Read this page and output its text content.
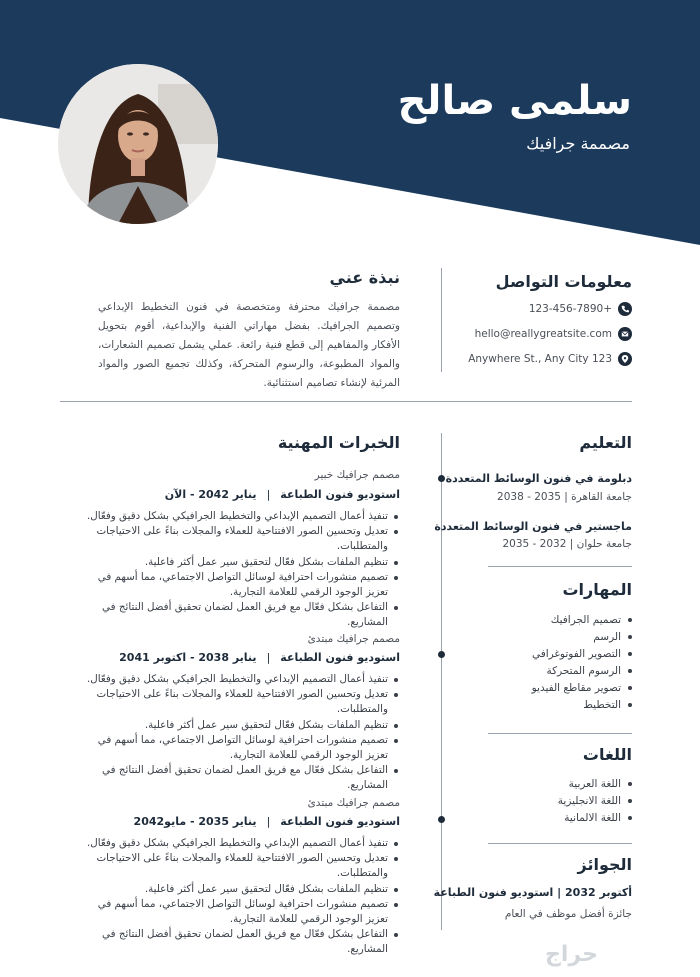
سلمى صالح
مصممة جرافيك
معلومات التواصل
123-456-7890+
hello@reallygreatsite.com
Anywhere St., Any City 123
نبذة عني

مصممة جرافيك محترفة ومتخصصة في فنون التخطيط الإبداعي وتصميم الجرافيك. بفضل مهاراتي الفنية والإبداعية، أقوم بتحويل الأفكار والمفاهيم إلى قطع فنية رائعة. عملي يشمل تصميم الشعارات، والمواد المطبوعة، والرسوم المتحركة، وكذلك تجميع الصور والمواد المرئية لإنشاء تصاميم استثنائية.

التعليم
دبلومة في فنون الوسائط المتعددة
جامعة القاهرة | 2035 - 2038
ماجستير في فنون الوسائط المتعددة
جامعة حلوان | 2032 - 2035
المهارات
تصميم الجرافيك
الرسم
التصوير الفوتوغرافي
الرسوم المتحركة
تصوير مقاطع الفيديو
التخطيط
اللغات
اللغة العربية
اللغة الانجليزية
اللغة الالمانية
الجوائز
أكتوبر 2032 | استوديو فنون الطباعة
جائزة أفضل موظف في العام
الخبرات المهنية
مصمم جرافيك خبير
استوديو فنون الطباعة|يناير 2042 - الآن
تنفيذ أعمال التصميم الإبداعي والتخطيط الجرافيكي بشكل دقيق وفعّال.
تعديل وتحسين الصور الافتتاحية للعملاء والمجلات بناءً على الاحتياجات والمتطلبات.
تنظيم الملفات بشكل فعّال لتحقيق سير عمل أكثر فاعلية.
تصميم منشورات احترافية لوسائل التواصل الاجتماعي، مما أسهم في تعزيز الوجود الرقمي للعلامة التجارية.
التفاعل بشكل فعّال مع فريق العمل لضمان تحقيق أفضل النتائج في المشاريع.
مصمم جرافيك مبتدئ
استوديو فنون الطباعة|يناير 2038 - اكتوبر 2041
تنفيذ أعمال التصميم الإبداعي والتخطيط الجرافيكي بشكل دقيق وفعّال.
تعديل وتحسين الصور الافتتاحية للعملاء والمجلات بناءً على الاحتياجات والمتطلبات.
تنظيم الملفات بشكل فعّال لتحقيق سير عمل أكثر فاعلية.
تصميم منشورات احترافية لوسائل التواصل الاجتماعي، مما أسهم في تعزيز الوجود الرقمي للعلامة التجارية.
التفاعل بشكل فعّال مع فريق العمل لضمان تحقيق أفضل النتائج في المشاريع.
مصمم جرافيك مبتدئ
استوديو فنون الطباعة|يناير 2035 - مايو2042
تنفيذ أعمال التصميم الإبداعي والتخطيط الجرافيكي بشكل دقيق وفعّال.
تعديل وتحسين الصور الافتتاحية للعملاء والمجلات بناءً على الاحتياجات والمتطلبات.
تنظيم الملفات بشكل فعّال لتحقيق سير عمل أكثر فاعلية.
تصميم منشورات احترافية لوسائل التواصل الاجتماعي، مما أسهم في تعزيز الوجود الرقمي للعلامة التجارية.
التفاعل بشكل فعّال مع فريق العمل لضمان تحقيق أفضل النتائج في المشاريع.	حراج
